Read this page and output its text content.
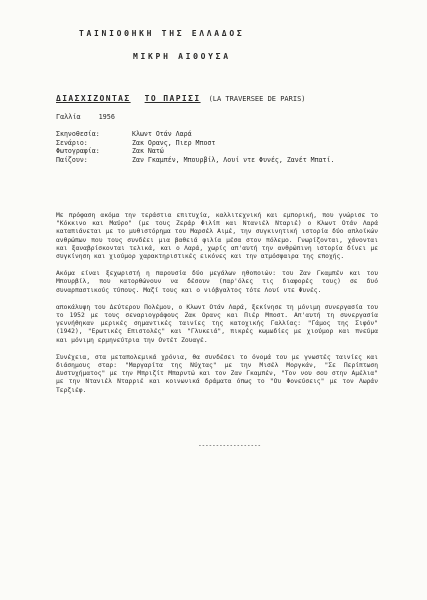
ΤΑΙΝΙΟΘΗΚΗ ΤΗΣ ΕΛΛΑΔΟΣ
ΜΙΚΡΗ ΑΙΘΟΥΣΑ
ΔΙΑΣΧΙΖΟΝΤΑΣ ΤΟ ΠΑΡΙΣΙ (LA TRAVERSEE DE PARIS)
Γαλλία	1956
Σκηνοθεσία:	Κλωντ Οτάν Λαρά
Σενάριο:	Ζακ Ορανς, Πιερ Μποστ
Φωτογραφία:	Ζακ Νατώ
Παίζουν:	Ζαν Γκαμπέν, Μπουρβίλ, Λουί ντε Φυνές, Ζανέτ Μπατί.

Με πρόφαση ακόμα την τεράστια επιτυχία, καλλιτεχνική και εμπορική, που γνώρισε το "Κόκκινο και Μαύρο" (με τους Ζεράρ Φιλίπ και Ντανιέλ Νταριέ) ο Κλωντ Οτάν Λαρά καταπιάνεται με το μυθιστόρημα του Μαρσέλ Αιμέ, την συγκινητική ιστορία δύο απλοϊκών ανθρώπων που τους συνδέει μια βαθειά φιλία μέσα στον πόλεμο. Γνωρίζονται, χάνονται και ξαναβρίσκονται τελικά, και ο Λαρά, χωρίς απ'αυτή την ανθρώπινη ιστορία δίνει με συγκίνηση και χιούμορ χαρακτηριστικές εικόνες και την ατμόσφαιρα της εποχής.

Ακόμα είναι ξεχωριστή η παρουσία δύο μεγάλων ηθοποιών: του Ζαν Γκαμπέν και του Μπουρβίλ, που κατορθώνουν να δέσουν (παρ'όλες τις διαφορές τους) σε δυό συναρπαστικούς τύπους. Μαζί τους και ο νιόβγαλτος τότε Λουί ντε Φυνές.

αποκάλυψη του Δεύτερου Πολέμου, ο Κλωντ Οτάν Λαρά, ξεκίνησε τη μόνιμη συνεργασία του το 1952 με τους σεναριογράφους Ζακ Ορανς και Πιέρ Μποστ. Απ'αυτή τη συνεργασία γεννήθηκαν μερικές σημαντικές ταινίες της κατοχικής Γαλλίας: "Γάμος της Σιφόν" (1942), "Ερωτικές Επιστολές" και "Γλυκειά", πικρές κωμωδίες με χιούμορ και πνεύμα και μόνιμη ερμηνεύτρια την Οντέτ Ζουαγέ.

Συνέχεια, στα μεταπολεμικά χρόνια, θα συνδέσει το όνομά του με γνωστές ταινίες και διάσημους σταρ: "Μαργαρίτα της Νύχτας" με την Μισέλ Μοργκάν, "Σε Περίπτωση Δυστυχήματος" με την Μπριζίτ Μπαρντώ και τον Ζαν Γκαμπέν, "Τον νου σου στην Αμέλια" με την Ντανιέλ Νταρριέ και κοινωνικά δράματα όπως το "Ου Φονεύσεις" με τον Λωράν Τερζιέφ.

------------------
